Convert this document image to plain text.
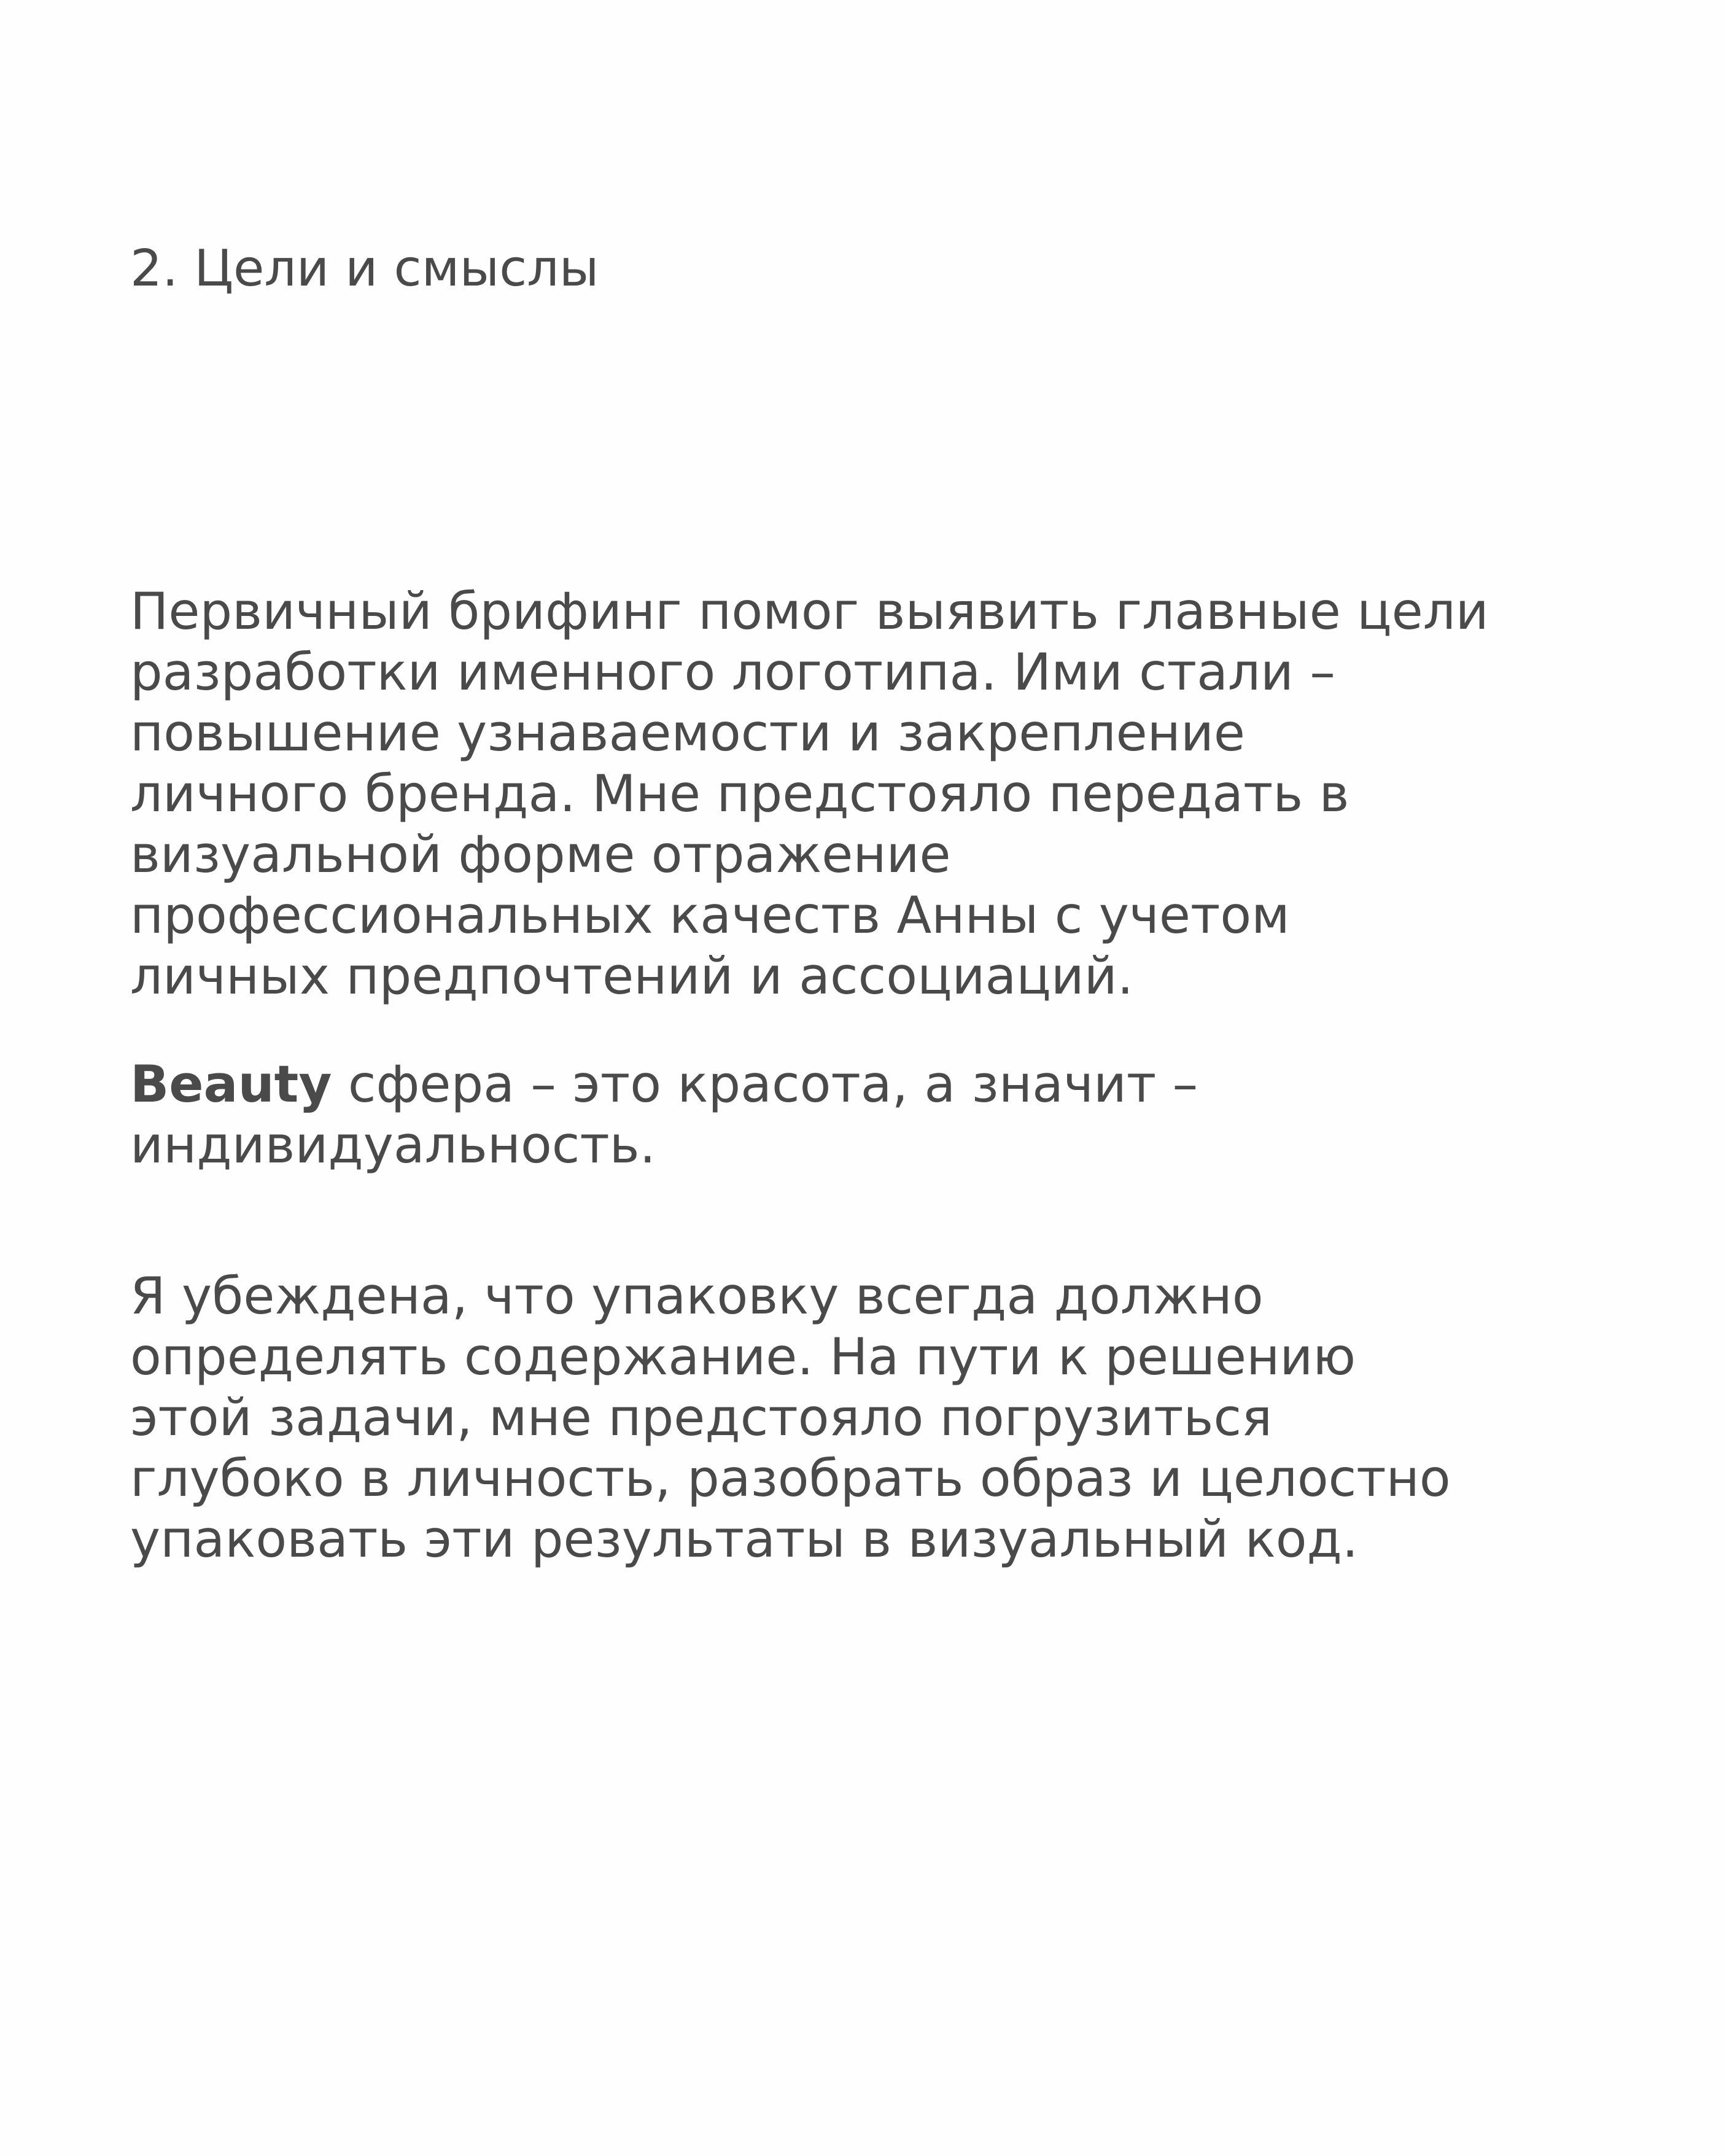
2. Цели и смыслы

Первичный брифинг помог выявить главные цели
разработки именного логотипа. Ими стали –
повышение узнаваемости и закрепление
личного бренда. Мне предстояло передать в
визуальной форме отражение
профессиональных качеств Анны с учетом
личных предпочтений и ассоциаций.

Beauty сфера – это красота, а значит –
индивидуальность.

Я убеждена, что упаковку всегда должно
определять содержание. На пути к решению
этой задачи, мне предстояло погрузиться
глубоко в личность, разобрать образ и целостно
упаковать эти результаты в визуальный код.
